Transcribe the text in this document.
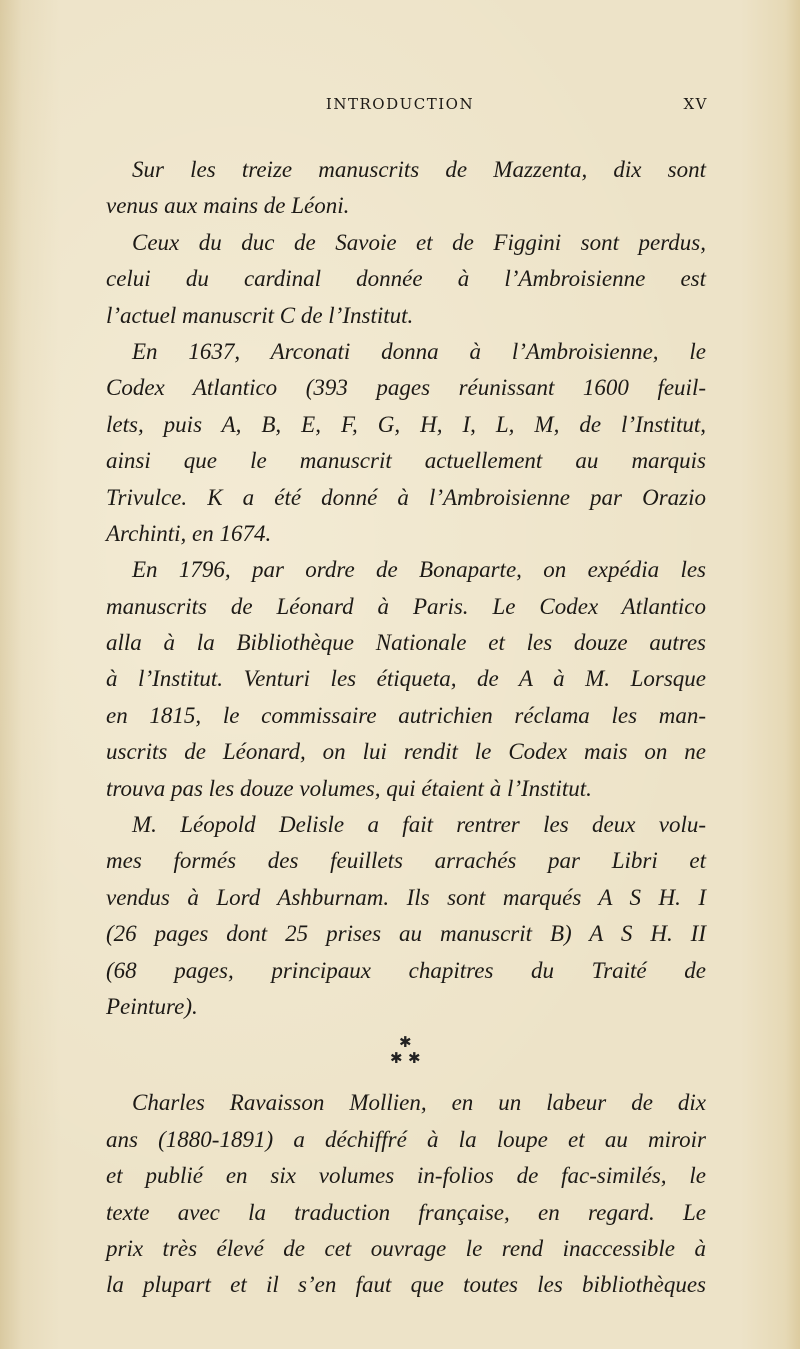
INTRODUCTION	XV
Sur les treize manuscrits de Mazzenta, dix sont
venus aux mains de Léoni.
Ceux du duc de Savoie et de Figgini sont perdus,
celui du cardinal donnée à l’Ambroisienne est
l’actuel manuscrit C de l’Institut.
En 1637, Arconati donna à l’Ambroisienne, le
Codex Atlantico (393 pages réunissant 1600 feuil-
lets, puis A, B, E, F, G, H, I, L, M, de l’Institut,
ainsi que le manuscrit actuellement au marquis
Trivulce. K a été donné à l’Ambroisienne par Orazio
Archinti, en 1674.
En 1796, par ordre de Bonaparte, on expédia les
manuscrits de Léonard à Paris. Le Codex Atlantico
alla à la Bibliothèque Nationale et les douze autres
à l’Institut. Venturi les étiqueta, de A à M. Lorsque
en 1815, le commissaire autrichien réclama les man-
uscrits de Léonard, on lui rendit le Codex mais on ne
trouva pas les douze volumes, qui étaient à l’Institut.
M. Léopold Delisle a fait rentrer les deux volu-
mes formés des feuillets arrachés par Libri et
vendus à Lord Ashburnam. Ils sont marqués A S H. I
(26 pages dont 25 prises au manuscrit B) A S H. II
(68 pages, principaux chapitres du Traité de
Peinture).
✱
✱ ✱
Charles Ravaisson Mollien, en un labeur de dix
ans (1880-1891) a déchiffré à la loupe et au miroir
et publié en six volumes in-folios de fac-similés, le
texte avec la traduction française, en regard. Le
prix très élevé de cet ouvrage le rend inaccessible à
la plupart et il s’en faut que toutes les bibliothèques
